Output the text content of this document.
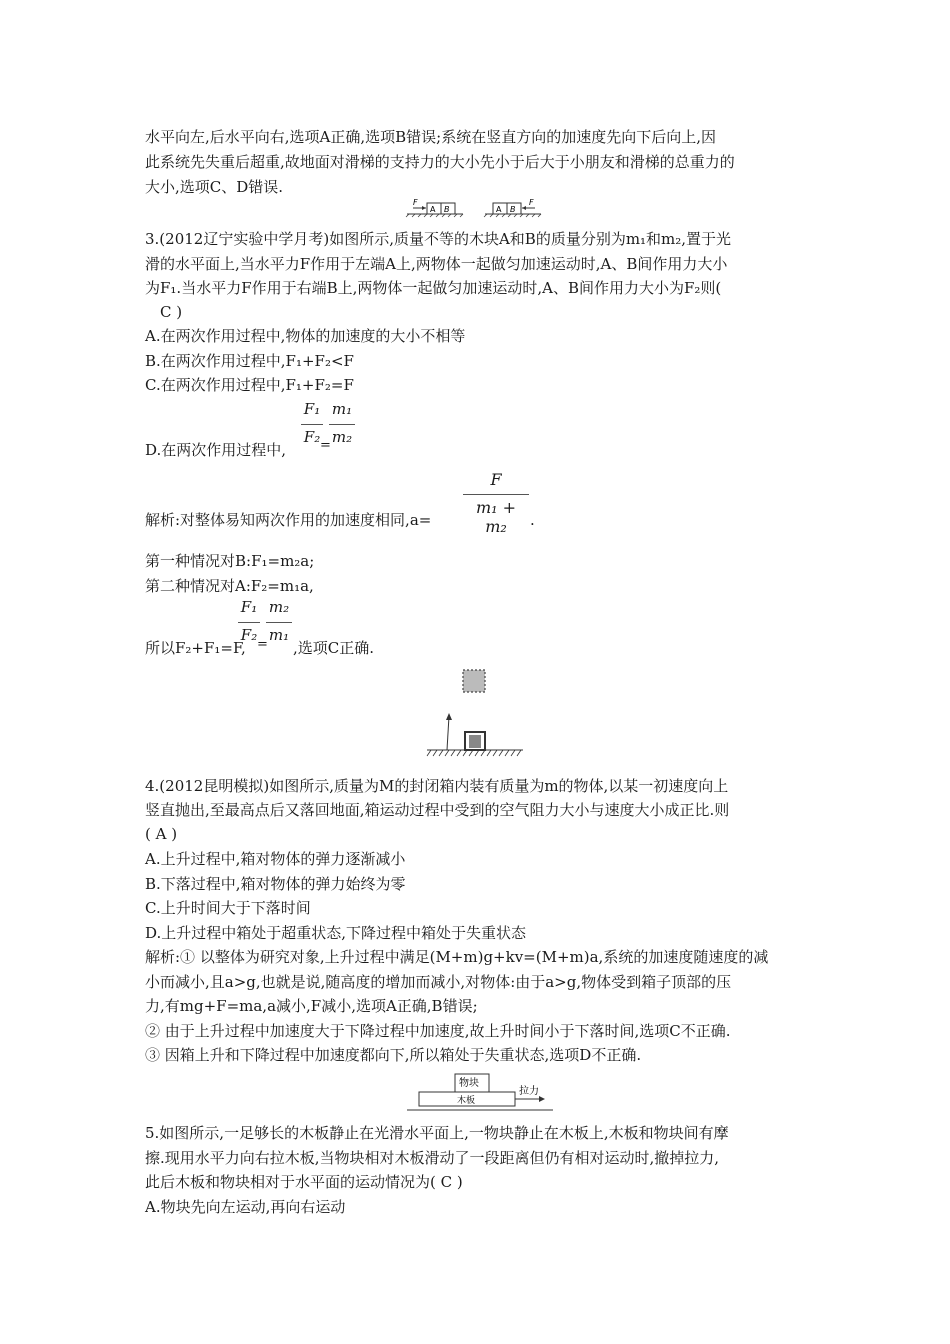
水平向左,后水平向右,选项A正确,选项B错误;系统在竖直方向的加速度先向下后向上,因
此系统先失重后超重,故地面对滑梯的支持力的大小先小于后大于小朋友和滑梯的总重力的
大小,选项C、D错误.
F
A B
F
A B
3.(2012辽宁实验中学月考)如图所示,质量不等的木块A和B的质量分别为m₁和m₂,置于光
滑的水平面上,当水平力F作用于左端A上,两物体一起做匀加速运动时,A、B间作用力大小
为F₁.当水平力F作用于右端B上,两物体一起做匀加速运动时,A、B间作用力大小为F₂则(
C )
A.在两次作用过程中,物体的加速度的大小不相等
B.在两次作用过程中,F₁+F₂<F
C.在两次作用过程中,F₁+F₂=F
D.在两次作用过程中,
F₁
F₂ =
m₁
m₂
解析:对整体易知两次作用的加速度相同,a=
F
m₁ + m₂	.
第一种情况对B:F₁=m₂a;
第二种情况对A:F₂=m₁a,
所以F₂+F₁=F,
F₁
F₂
=
m₂
m₁
,选项C正确.
4.(2012昆明模拟)如图所示,质量为M的封闭箱内装有质量为m的物体,以某一初速度向上
竖直抛出,至最高点后又落回地面,箱运动过程中受到的空气阻力大小与速度大小成正比.则
( A )
A.上升过程中,箱对物体的弹力逐渐减小
B.下落过程中,箱对物体的弹力始终为零
C.上升时间大于下落时间
D.上升过程中箱处于超重状态,下降过程中箱处于失重状态
解析:① 以整体为研究对象,上升过程中满足(M+m)g+kv=(M+m)a,系统的加速度随速度的减
小而减小,且a>g,也就是说,随高度的增加而减小,对物体:由于a>g,物体受到箱子顶部的压
力,有mg+F=ma,a减小,F减小,选项A正确,B错误;
② 由于上升过程中加速度大于下降过程中加速度,故上升时间小于下落时间,选项C不正确.
③ 因箱上升和下降过程中加速度都向下,所以箱处于失重状态,选项D不正确.
物块
木板
拉力
5.如图所示,一足够长的木板静止在光滑水平面上,一物块静止在木板上,木板和物块间有摩
擦.现用水平力向右拉木板,当物块相对木板滑动了一段距离但仍有相对运动时,撤掉拉力,
此后木板和物块相对于水平面的运动情况为( C )
A.物块先向左运动,再向右运动
